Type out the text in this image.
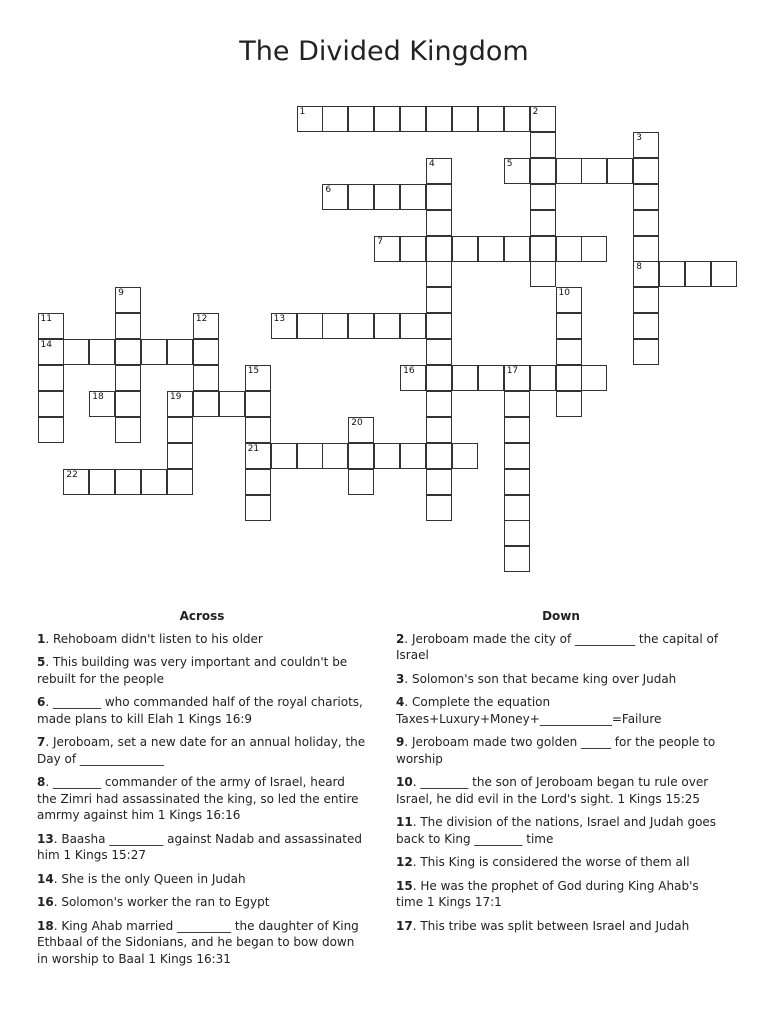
The Divided Kingdom
1	2
3
8
4	5
6
7
9	10
11
14
12	13
15
21
16	17
18	19
20
22
Across
1. Rehoboam didn't listen to his older
5. This building was very important and couldn't be rebuilt for the people
6. ________ who commanded half of the royal chariots, made plans to kill Elah 1 Kings 16:9
7. Jeroboam, set a new date for an annual holiday, the Day of ______________
8. ________ commander of the army of Israel, heard the Zimri had assassinated the king, so led the entire amrmy against him 1 Kings 16:16
13. Baasha _________ against Nadab and assassinated him 1 Kings 15:27
14. She is the only Queen in Judah
16. Solomon's worker the ran to Egypt
18. King Ahab married _________ the daughter of King Ethbaal of the Sidonians, and he began to bow down in worship to Baal 1 Kings 16:31
Down
2. Jeroboam made the city of __________ the capital of Israel
3. Solomon's son that became king over Judah
4. Complete the equation Taxes+Luxury+Money+____________=Failure
9. Jeroboam made two golden _____ for the people to worship
10. ________ the son of Jeroboam began tu rule over Israel, he did evil in the Lord's sight. 1 Kings 15:25
11. The division of the nations, Israel and Judah goes back to King ________ time
12. This King is considered the worse of them all
15. He was the prophet of God during King Ahab's time 1 Kings 17:1
17. This tribe was split between Israel and Judah
